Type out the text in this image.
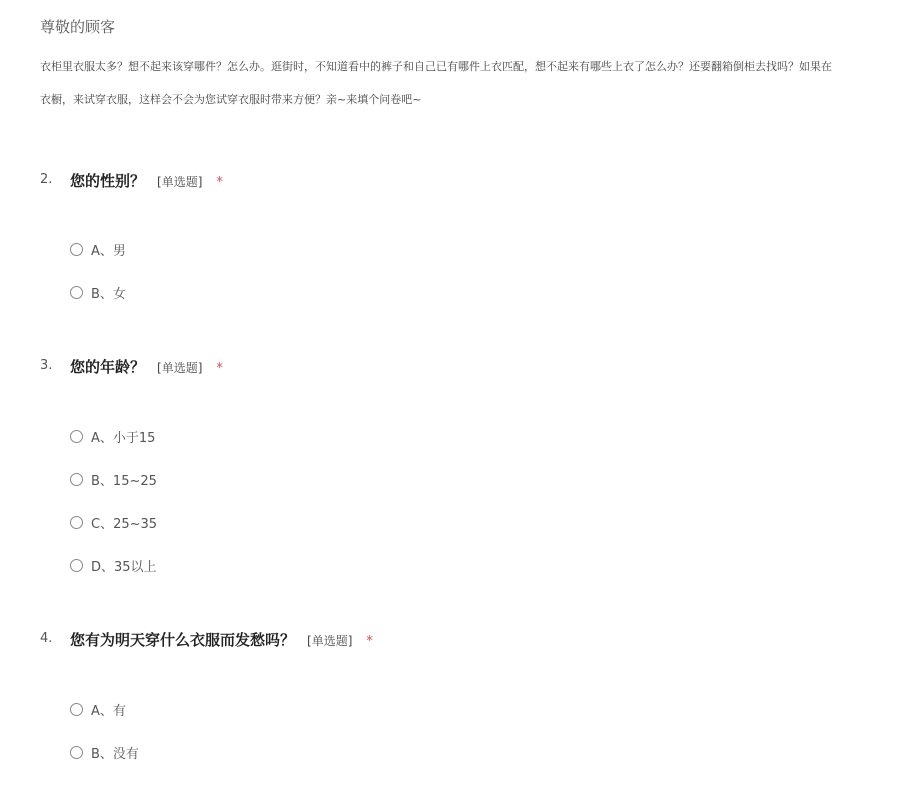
尊敬的顾客
衣柜里衣服太多？想不起来该穿哪件？怎么办。逛街时，不知道看中的裤子和自己已有哪件上衣匹配，想不起来有哪些上衣了怎么办？还要翻箱倒柜去找吗？如果在
衣橱，来试穿衣服，这样会不会为您试穿衣服时带来方便？亲~来填个问卷吧~
2. 您的性别？ [单选题] *
A、男
B、女
3. 您的年龄？ [单选题] *
A、小于15
B、15~25
C、25~35
D、35以上
4. 您有为明天穿什么衣服而发愁吗？ [单选题] *
A、有
B、没有
